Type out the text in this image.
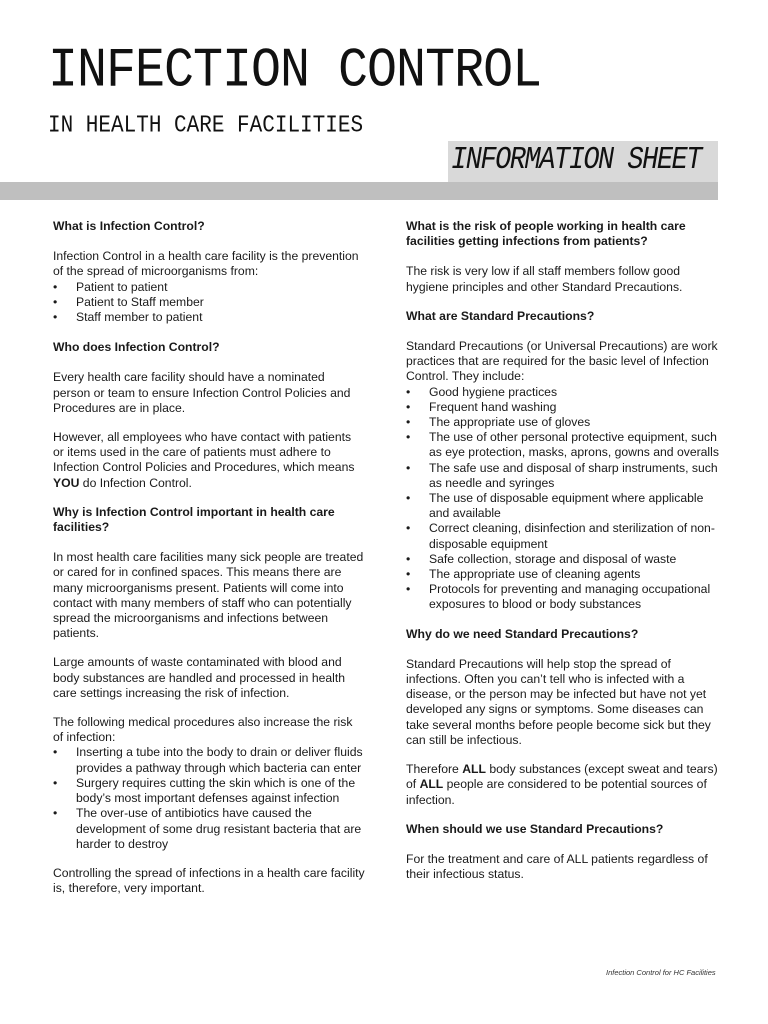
INFECTION CONTROL
IN HEALTH CARE FACILITIES
INFORMATION SHEET
What is Infection Control?

Infection Control in a health care facility is the prevention of the spread of microorganisms from:

• Patient to patient
• Patient to Staff member
• Staff member to patient
Who does Infection Control?

Every health care facility should have a nominated person or team to ensure Infection Control Policies and Procedures are in place.

However, all employees who have contact with patients or items used in the care of patients must adhere to Infection Control Policies and Procedures, which means YOU do Infection Control.

Why is Infection Control important in health care facilities?

In most health care facilities many sick people are treated or cared for in confined spaces. This means there are many microorganisms present. Patients will come into contact with many members of staff who can potentially spread the microorganisms and infections between patients.

Large amounts of waste contaminated with blood and body substances are handled and processed in health care settings increasing the risk of infection.

The following medical procedures also increase the risk of infection:

• Inserting a tube into the body to drain or deliver fluids provides a pathway through which bacteria can enter
• Surgery requires cutting the skin which is one of the body’s most important defenses against infection
• The over-use of antibiotics have caused the development of some drug resistant bacteria that are harder to destroy

Controlling the spread of infections in a health care facility is, therefore, very important.

What is the risk of people working in health care facilities getting infections from patients?

The risk is very low if all staff members follow good hygiene principles and other Standard Precautions.

What are Standard Precautions?

Standard Precautions (or Universal Precautions) are work practices that are required for the basic level of Infection Control. They include:

• Good hygiene practices
• Frequent hand washing
• The appropriate use of gloves
• The use of other personal protective equipment, such as eye protection, masks, aprons, gowns and overalls
• The safe use and disposal of sharp instruments, such as needle and syringes
• The use of disposable equipment where applicable and available
• Correct cleaning, disinfection and sterilization of non-disposable equipment
• Safe collection, storage and disposal of waste
• The appropriate use of cleaning agents
• Protocols for preventing and managing occupational exposures to blood or body substances
Why do we need Standard Precautions?

Standard Precautions will help stop the spread of infections. Often you can’t tell who is infected with a disease, or the person may be infected but have not yet developed any signs or symptoms. Some diseases can take several months before people become sick but they can still be infectious.

Therefore ALL body substances (except sweat and tears) of ALL people are considered to be potential sources of infection.

When should we use Standard Precautions?

For the treatment and care of ALL patients regardless of their infectious status.

Infection Control for HC Facilities
